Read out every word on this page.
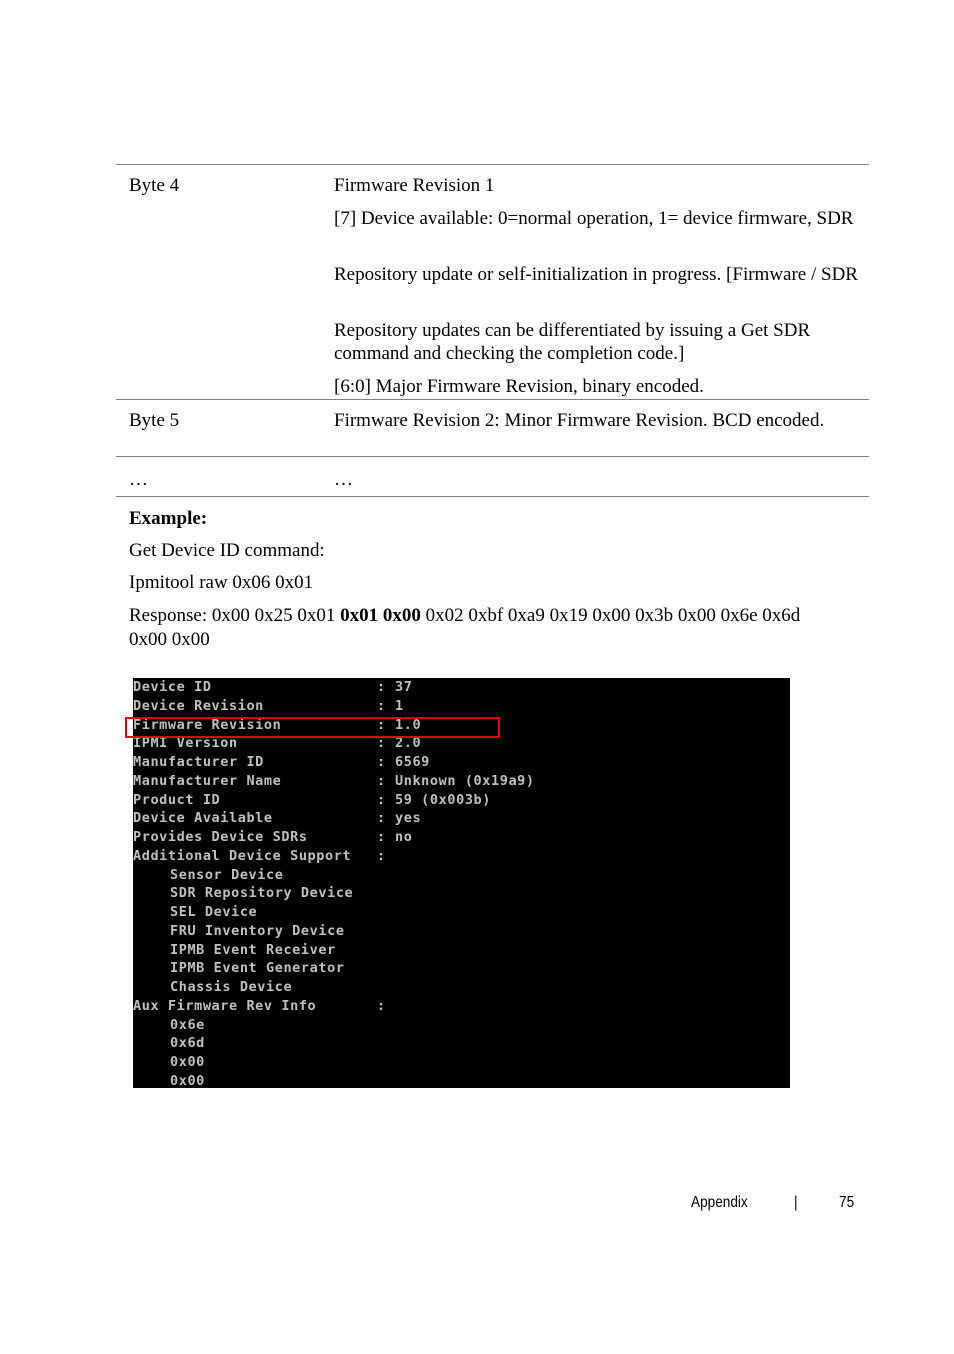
Byte 4	Firmware Revision 1

[7] Device available: 0=normal operation, 1= device firmware, SDR

Repository update or self-initialization in progress. [Firmware / SDR

Repository updates can be differentiated by issuing a Get SDR command and checking the completion code.]

[6:0] Major Firmware Revision, binary encoded.

Byte 5	Firmware Revision 2: Minor Firmware Revision. BCD encoded.

…	…

Example:

Get Device ID command:

Ipmitool raw 0x06 0x01

Response: 0x00 0x25 0x01 0x01 0x00 0x02 0xbf 0xa9 0x19 0x00 0x3b 0x00 0x6e 0x6d 0x00 0x00

Device ID	: 37
Device Revision	: 1
Firmware Revision	: 1.0
IPMI Version	: 2.0
Manufacturer ID	: 6569
Manufacturer Name	: Unknown (0x19a9)
Product ID	: 59 (0x003b)
Device Available	: yes
Provides Device SDRs	: no
Additional Device Support :
Sensor Device
SDR Repository Device
SEL Device
FRU Inventory Device
IPMB Event Receiver
IPMB Event Generator
Chassis Device
Aux Firmware Rev Info	:
0x6e
0x6d
0x00
0x00
Appendix	|	75
